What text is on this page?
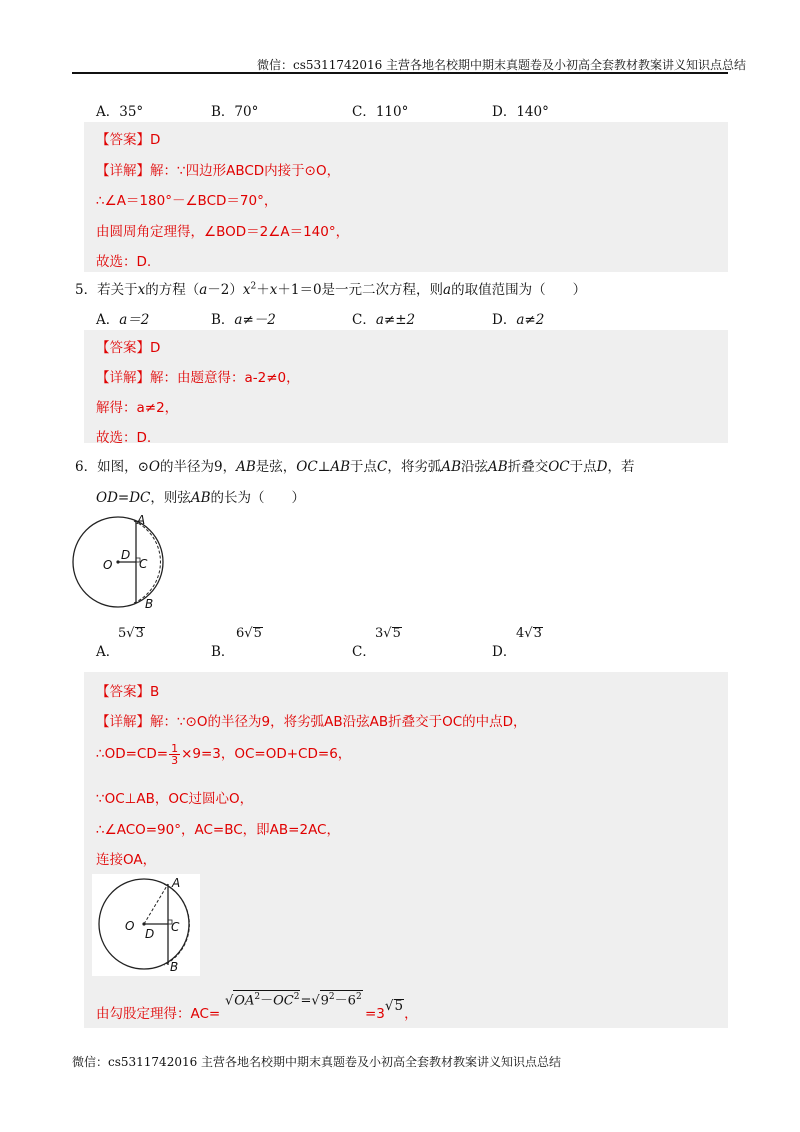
微信：cs5311742016 主营各地名校期中期末真题卷及小初高全套教材教案讲义知识点总结
A．35°	B．70°	C．110°	D．140°
【答案】D
【详解】解：∵四边形ABCD内接于⊙O，
∴∠A＝180°－∠BCD＝70°，
由圆周角定理得，∠BOD＝2∠A＝140°，
故选：D.
5．若关于x的方程$(a-2)x^2+x+1=0$是一元二次方程，则a的取值范围为（　　）
A．a＝2	B．a≠－2	C．a≠±2	D．a≠2
【答案】D
【详解】解：由题意得：a-2≠0，
解得：a≠2，
故选：D.
6．如图，⊙O的半径为9，AB是弦，OC⊥AB于点C，将劣弧AB沿弦AB折叠交OC于点D，若
OD=DC，则弦AB的长为（　　）
A
B
C
D
O
A．
5√3
B．
6√5
C．
3√5
D．
4√3
【答案】B
【详解】解：∵⊙O的半径为9，将劣弧AB沿弦AB折叠交于OC的中点D，
∴OD=CD= $\frac{1}{3} \times 9=3$，OC=OD+CD=6，
∵OC⊥AB，OC过圆心O，
∴∠ACO=90°，AC=BC，即AB=2AC，
连接OA，
A
B
C
D
O
由勾股定理得：AC=
$√OA^2-OC^2=√9^2-6^2$
=3√5，
微信：cs5311742016 主营各地名校期中期末真题卷及小初高全套教材教案讲义知识点总结
